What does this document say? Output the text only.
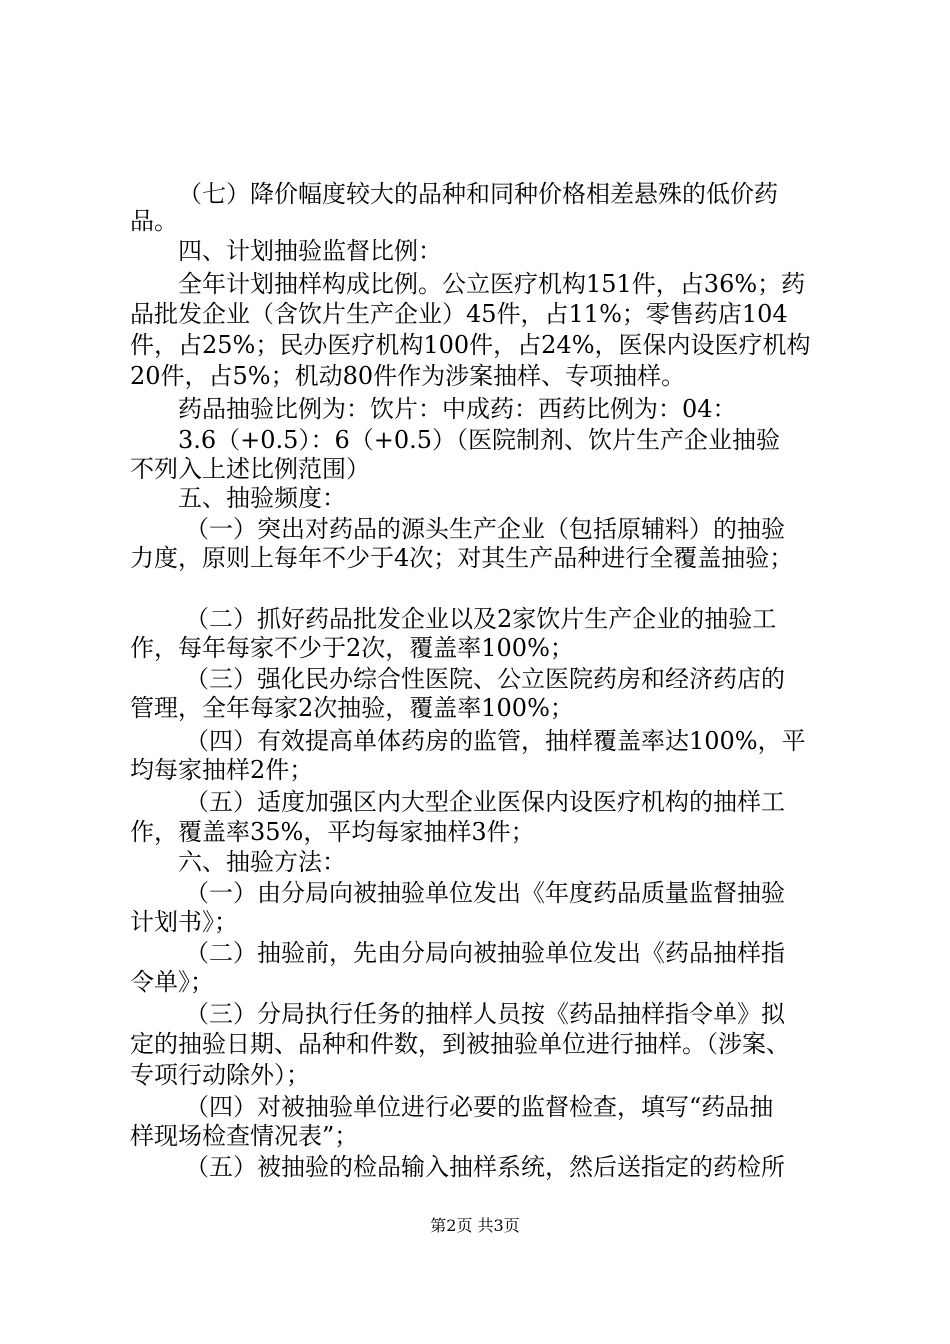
（七）降价幅度较大的品种和同种价格相差悬殊的低价药
品。
四、计划抽验监督比例：
全年计划抽样构成比例。公立医疗机构151件，占36%；药
品批发企业（含饮片生产企业）45件，占11%；零售药店104
件，占25%；民办医疗机构100件，占24%，医保内设医疗机构
20件，占5%；机动80件作为涉案抽样、专项抽样。
药品抽验比例为：饮片：中成药：西药比例为：04：
3.6（+0.5）：6（+0.5）（医院制剂、饮片生产企业抽验
不列入上述比例范围）
五、抽验频度：
（一）突出对药品的源头生产企业（包括原辅料）的抽验
力度，原则上每年不少于4次；对其生产品种进行全覆盖抽验；
（二）抓好药品批发企业以及2家饮片生产企业的抽验工
作，每年每家不少于2次，覆盖率100%；
（三）强化民办综合性医院、公立医院药房和经济药店的
管理，全年每家2次抽验，覆盖率100%；
（四）有效提高单体药房的监管，抽样覆盖率达100%，平
均每家抽样2件；
（五）适度加强区内大型企业医保内设医疗机构的抽样工
作，覆盖率35%，平均每家抽样3件；
六、抽验方法：
（一）由分局向被抽验单位发出《年度药品质量监督抽验
计划书》；
（二）抽验前，先由分局向被抽验单位发出《药品抽样指
令单》；
（三）分局执行任务的抽样人员按《药品抽样指令单》拟
定的抽验日期、品种和件数，到被抽验单位进行抽样。（涉案、
专项行动除外）；
（四）对被抽验单位进行必要的监督检查，填写“药品抽
样现场检查情况表”；
（五）被抽验的检品输入抽样系统，然后送指定的药检所
第2页 共3页
